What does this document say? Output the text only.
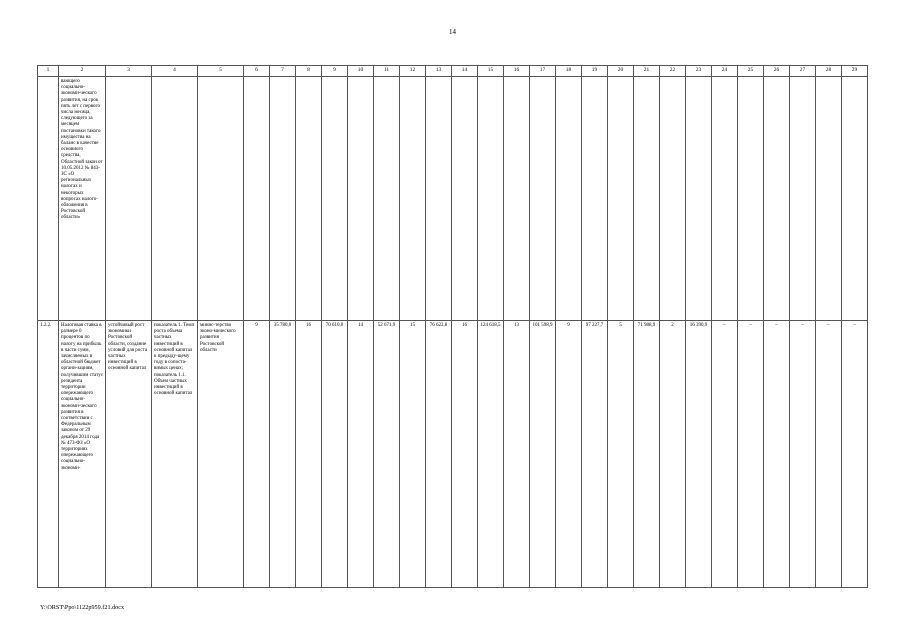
14
1	2	3	4	5	6	7	8	9	10	11	12	13	14	15	16	17	18	19	20	21	22	23	24	25	26	27	28	29
	вающего социально-экономи-ческого развития, на срок пять лет с первого числа месяца, следующего за месяцем постановки такого имущества на баланс в качестве основного средства, Областной закон от 10.05.2012 № 843-ЗС «О региональных налогах и некоторых вопросах налого-обложения в Ростовской области»																											
1.2.2.	Налоговая ставка в размере 0 процентов по налогу на прибыль в части сумм, зачисляемых в областной бюджет органи-зациям, получившим статус резидента территории опережающего социально-экономи-ческого развития в соответствии с Федеральным законом от 29 декабря 2014 года № 473-ФЗ «О территориях опережающего социально-экономи-	устойчивый рост экономики Ростовской области, создание условий для роста частных инвестиций в основной капитал	показатель 1. Темп роста объема частных инвестиций в основной капитал к предыду-щему году в сопоста-вимых ценах; показатель 1.1. Объем частных инвестиций в основной капитал	минис-терство эконо-мического развития Ростовской области	9	35 780,0	16	70 610,0	14	52 671,9	15	76 622,8	16	124 618,5	13	101 598,9	9	97 227,7	5	71 988,9	2	16 390,9	–	–	–	–	–	–
Y:\ORST\Ppo\1122p959.f21.docx
